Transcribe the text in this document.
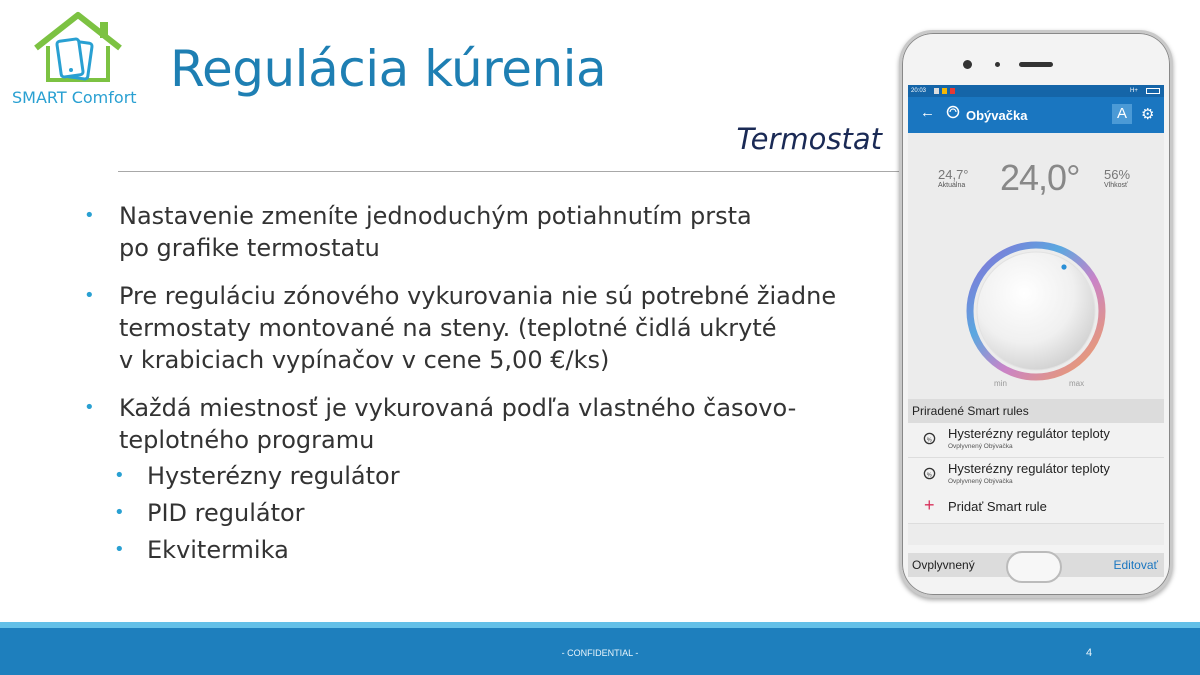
SMART Comfort Regulácia kúrenia
Termostat
• Nastavenie zmeníte jednoduchým potiahnutím prsta
po grafike termostatu
• Pre reguláciu zónového vykurovania nie sú potrebné žiadne
termostaty montované na steny. (teplotné čidlá ukryté
v krabiciach vypínačov v cene 5,00 €/ks)
• Každá miestnosť je vykurovaná podľa vlastného časovo-
teplotného programu
• Hysterézny regulátor
• PID regulátor
• Ekvitermika
20:03	H+
← Obývačka	A ⚙
24,7°
Aktuálna 24,0° 56%
Vlhkosť
min	max
Priradené Smart rules
% Hysterézny regulátor teploty
Ovplyvnený Obývačka
% Hysterézny regulátor teploty
Ovplyvnený Obývačka
+ Pridať Smart rule
Ovplyvnený	Editovať
- CONFIDENTIAL -	4
